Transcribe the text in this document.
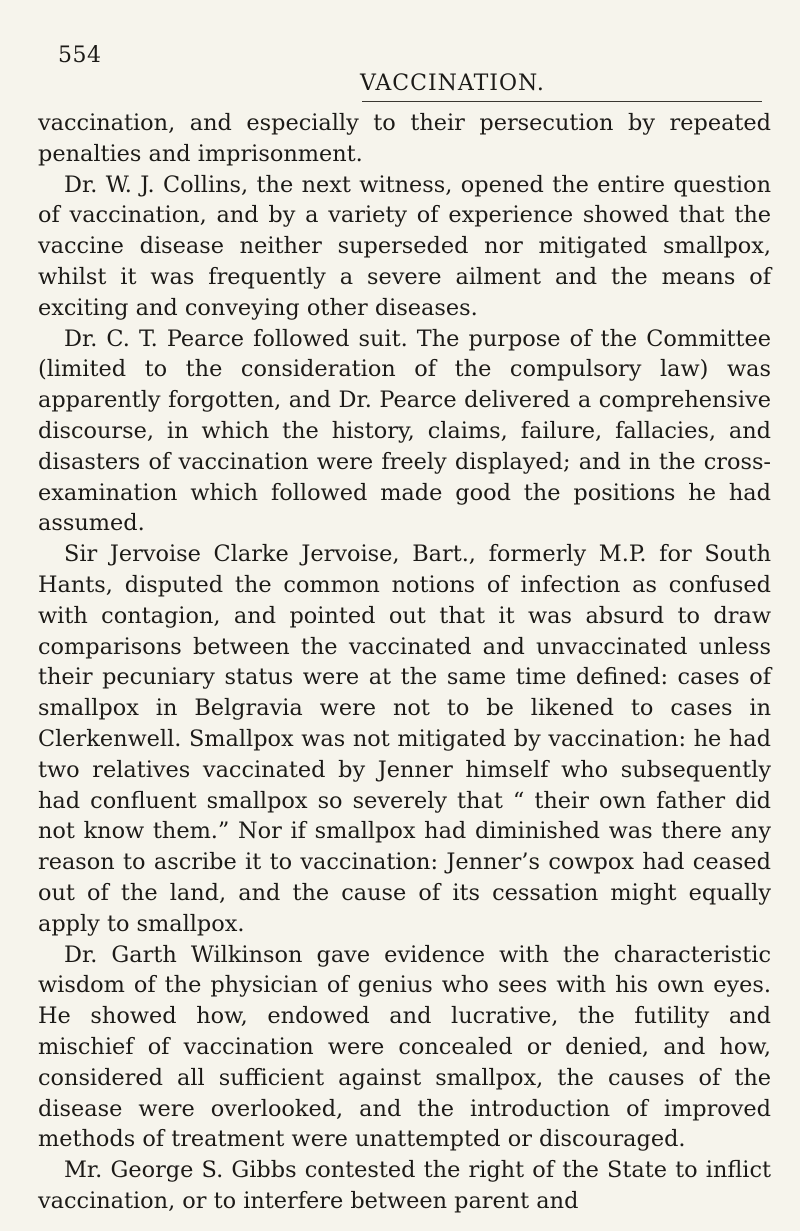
554
VACCINATION.

vaccination, and especially to their persecution by repeated penalties and imprisonment.

Dr. W. J. Collins, the next witness, opened the entire question of vaccination, and by a variety of experience showed that the vaccine disease neither superseded nor mitigated smallpox, whilst it was frequently a severe ailment and the means of exciting and conveying other diseases.

Dr. C. T. Pearce followed suit. The purpose of the Committee (limited to the consideration of the compulsory law) was apparently forgotten, and Dr. Pearce delivered a comprehensive discourse, in which the history, claims, failure, fallacies, and disasters of vaccination were freely displayed; and in the cross-examination which followed made good the positions he had assumed.

Sir Jervoise Clarke Jervoise, Bart., formerly M.P. for South Hants, disputed the common notions of infection as confused with contagion, and pointed out that it was absurd to draw comparisons between the vaccinated and unvaccinated unless their pecuniary status were at the same time defined: cases of smallpox in Belgravia were not to be likened to cases in Clerkenwell. Smallpox was not mitigated by vaccination: he had two relatives vaccinated by Jenner himself who subsequently had confluent smallpox so severely that “ their own father did not know them.” Nor if smallpox had diminished was there any reason to ascribe it to vaccination: Jenner’s cowpox had ceased out of the land, and the cause of its cessation might equally apply to smallpox.

Dr. Garth Wilkinson gave evidence with the characteristic wisdom of the physician of genius who sees with his own eyes. He showed how, endowed and lucrative, the futility and mischief of vaccination were concealed or denied, and how, considered all sufficient against smallpox, the causes of the disease were overlooked, and the introduction of improved methods of treatment were unattempted or discouraged.

Mr. George S. Gibbs contested the right of the State to inflict vaccination, or to interfere between parent and
